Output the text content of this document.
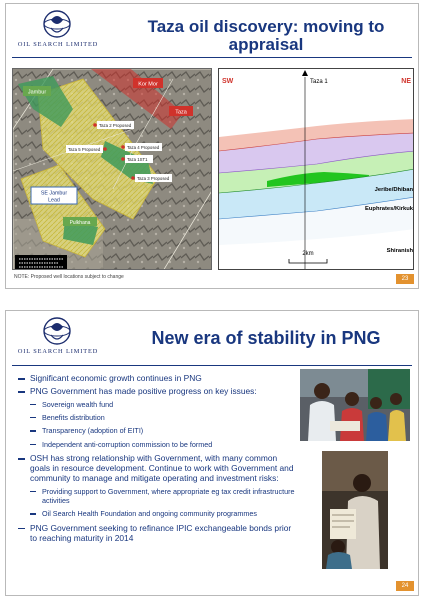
OIL SEARCH LIMITED
Taza oil discovery: moving to appraisal
Jambur
Kor Mor
Taza
SE Jambur
Lead
Pulkhana
Taza 2 Proposed
Taza 5 Proposed	Taza 4 Proposed
Taza 1ST1
Taza 3 Proposed
NOTE: Proposed well locations subject to change
Taza 1
SW	NE
Jeribe/Dhiban
Euphrates/Kirkuk
Shiranish
2km
23
OIL SEARCH LIMITED
New era of stability in PNG
Significant economic growth continues in PNG
PNG Government has made positive progress on key issues:
Sovereign wealth fund
Benefits distribution
Transparency (adoption of EITI)
Independent anti-corruption commission to be formed
OSH has strong relationship with Government, with many common goals in resource development. Continue to work with Government and community to manage and mitigate operating and investment risks:
Providing support to Government, where appropriate eg tax credit infrastructure activities
Oil Search Health Foundation and ongoing community programmes
PNG Government seeking to refinance IPIC exchangeable bonds prior to reaching maturity in 2014
24
